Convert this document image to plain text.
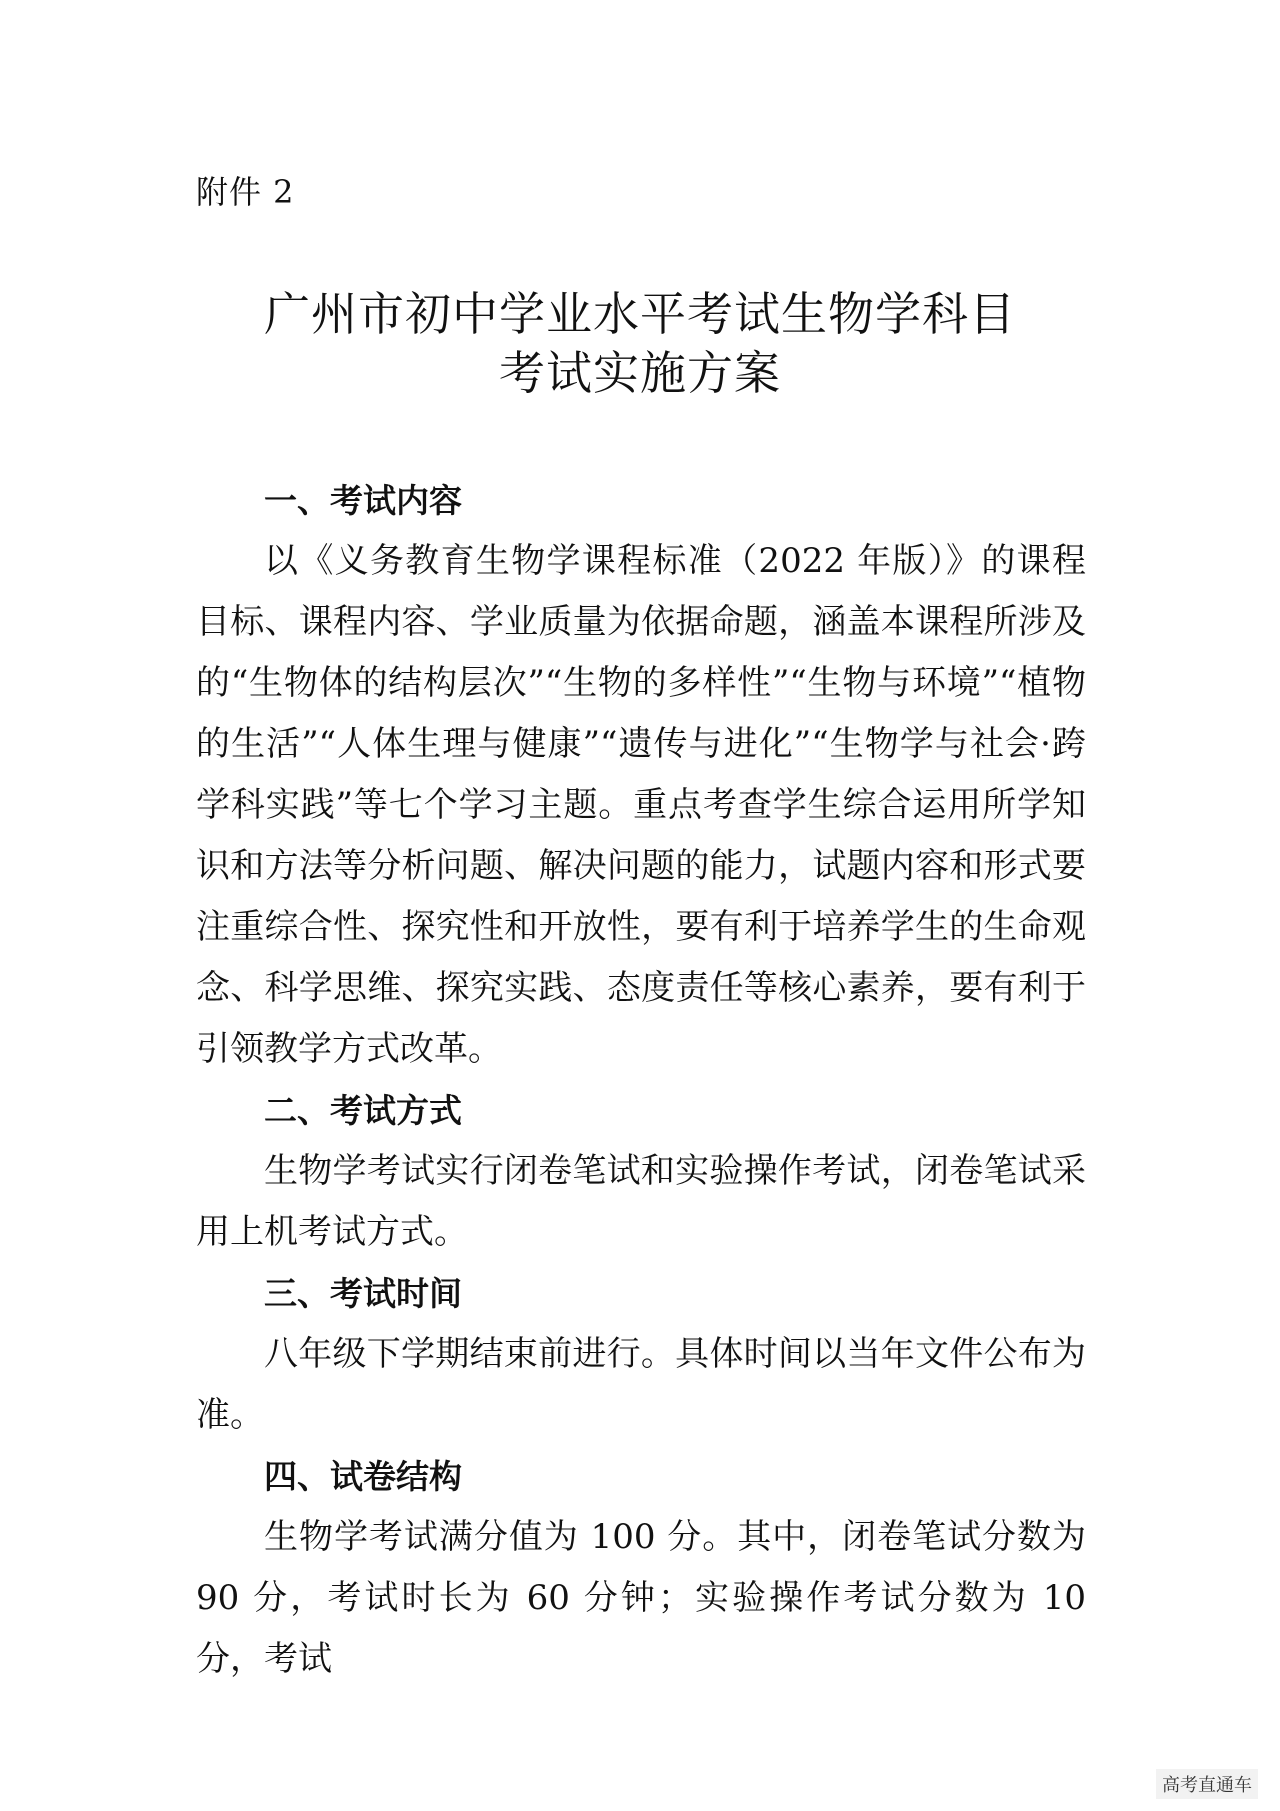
附件 2
广州市初中学业水平考试生物学科目
考试实施方案

一、考试内容

以《义务教育生物学课程标准（2022 年版）》的课程目标、课程内容、学业质量为依据命题，涵盖本课程所涉及的“生物体的结构层次”“生物的多样性”“生物与环境”“植物的生活”“人体生理与健康”“遗传与进化”“生物学与社会·跨学科实践”等七个学习主题。重点考查学生综合运用所学知识和方法等分析问题、解决问题的能力，试题内容和形式要注重综合性、探究性和开放性，要有利于培养学生的生命观念、科学思维、探究实践、态度责任等核心素养，要有利于引领教学方式改革。

二、考试方式

生物学考试实行闭卷笔试和实验操作考试，闭卷笔试采用上机考试方式。

三、考试时间

八年级下学期结束前进行。具体时间以当年文件公布为准。

四、试卷结构

生物学考试满分值为 100 分。其中，闭卷笔试分数为 90 分，考试时长为 60 分钟；实验操作考试分数为 10 分，考试

高考直通车
